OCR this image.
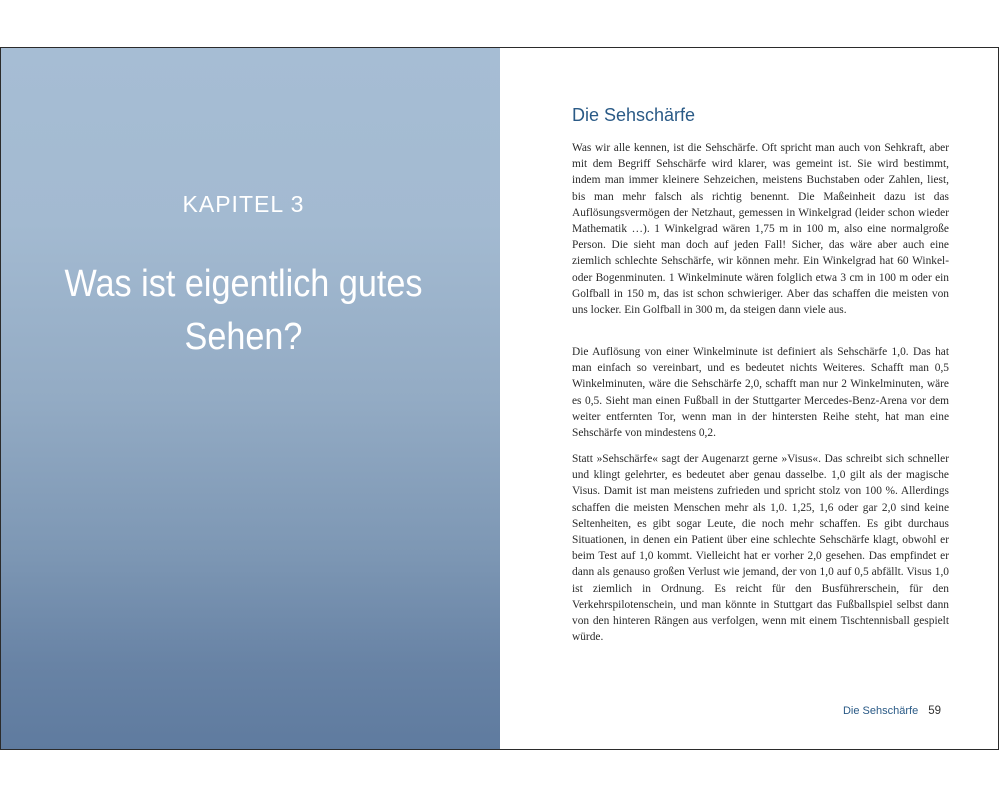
KAPITEL 3
Was ist eigentlich gutes Sehen?
Die Sehschärfe

Was wir alle kennen, ist die Sehschärfe. Oft spricht man auch von Sehkraft, aber mit dem Begriff Sehschärfe wird klarer, was gemeint ist. Sie wird bestimmt, indem man immer kleinere Sehzeichen, meistens Buchstaben oder Zahlen, liest, bis man mehr falsch als richtig benennt. Die Maßeinheit dazu ist das Auflösungsvermögen der Netzhaut, gemessen in Winkelgrad (leider schon wieder Mathematik …). 1 Winkelgrad wären 1,75 m in 100 m, also eine normalgroße Person. Die sieht man doch auf jeden Fall! Sicher, das wäre aber auch eine ziemlich schlechte Sehschärfe, wir können mehr. Ein Winkelgrad hat 60 Winkel- oder Bogenminuten. 1 Winkelminute wären folglich etwa 3 cm in 100 m oder ein Golfball in 150 m, das ist schon schwieriger. Aber das schaffen die meisten von uns locker. Ein Golfball in 300 m, da steigen dann viele aus.

Die Auflösung von einer Winkelminute ist definiert als Sehschärfe 1,0. Das hat man einfach so vereinbart, und es bedeutet nichts Weiteres. Schafft man 0,5 Winkelminuten, wäre die Sehschärfe 2,0, schafft man nur 2 Winkelminuten, wäre es 0,5. Sieht man einen Fußball in der Stuttgarter Mercedes-Benz-Arena vor dem weiter entfernten Tor, wenn man in der hintersten Reihe steht, hat man eine Sehschärfe von mindestens 0,2.

Statt »Sehschärfe« sagt der Augenarzt gerne »Visus«. Das schreibt sich schneller und klingt gelehrter, es bedeutet aber genau dasselbe. 1,0 gilt als der magische Visus. Damit ist man meistens zufrieden und spricht stolz von 100 %. Allerdings schaffen die meisten Menschen mehr als 1,0. 1,25, 1,6 oder gar 2,0 sind keine Seltenheiten, es gibt sogar Leute, die noch mehr schaffen. Es gibt durchaus Situationen, in denen ein Patient über eine schlechte Sehschärfe klagt, obwohl er beim Test auf 1,0 kommt. Vielleicht hat er vorher 2,0 gesehen. Das empfindet er dann als genauso großen Verlust wie jemand, der von 1,0 auf 0,5 abfällt. Visus 1,0 ist ziemlich in Ordnung. Es reicht für den Busführerschein, für den Verkehrspilotenschein, und man könnte in Stuttgart das Fußballspiel selbst dann von den hinteren Rängen aus verfolgen, wenn mit einem Tischtennisball gespielt würde.

Die Sehschärfe 59
